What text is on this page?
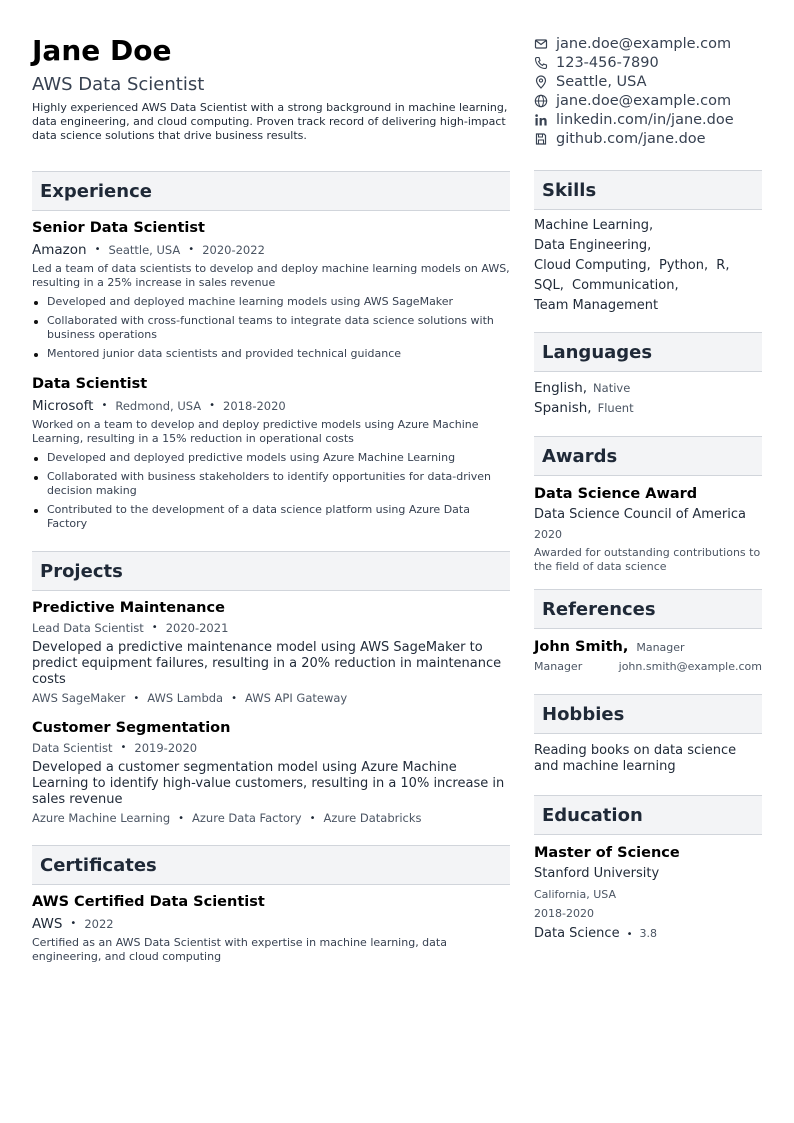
Jane Doe
AWS Data Scientist
Highly experienced AWS Data Scientist with a strong background in machine learning, data engineering, and cloud computing. Proven track record of delivering high-impact data science solutions that drive business results.
Experience
Senior Data Scientist
Amazon • Seattle, USA • 2020-2022
Led a team of data scientists to develop and deploy machine learning models on AWS, resulting in a 25% increase in sales revenue
Developed and deployed machine learning models using AWS SageMaker
Collaborated with cross-functional teams to integrate data science solutions with business operations
Mentored junior data scientists and provided technical guidance
Data Scientist
Microsoft • Redmond, USA • 2018-2020
Worked on a team to develop and deploy predictive models using Azure Machine Learning, resulting in a 15% reduction in operational costs
Developed and deployed predictive models using Azure Machine Learning
Collaborated with business stakeholders to identify opportunities for data-driven decision making
Contributed to the development of a data science platform using Azure Data Factory
Projects
Predictive Maintenance
Lead Data Scientist • 2020-2021
Developed a predictive maintenance model using AWS SageMaker to predict equipment failures, resulting in a 20% reduction in maintenance costs
AWS SageMaker • AWS Lambda • AWS API Gateway
Customer Segmentation
Data Scientist • 2019-2020
Developed a customer segmentation model using Azure Machine Learning to identify high-value customers, resulting in a 10% increase in sales revenue
Azure Machine Learning • Azure Data Factory • Azure Databricks
Certificates
AWS Certified Data Scientist
AWS • 2022
Certified as an AWS Data Scientist with expertise in machine learning, data engineering, and cloud computing
jane.doe@example.com
123-456-7890
Seattle, USA
jane.doe@example.com
linkedin.com/in/jane.doe
github.com/jane.doe
Skills
Machine Learning,
Data Engineering,
Cloud Computing, Python, R,
SQL, Communication,
Team Management
Languages
English, Native
Spanish, Fluent
Awards
Data Science Award
Data Science Council of America
2020
Awarded for outstanding contributions to the field of data science
References
John Smith, Manager
Manager	john.smith@example.com
Hobbies
Reading books on data science and machine learning
Education
Master of Science
Stanford University
California, USA
2018-2020
Data Science • 3.8
